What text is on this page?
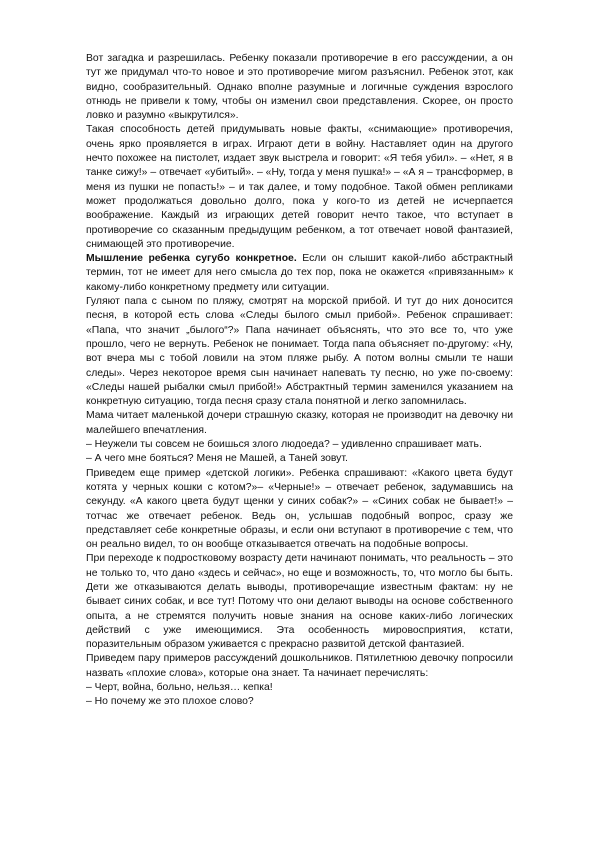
Вот загадка и разрешилась. Ребенку показали противоречие в его рассуждении, а он тут же придумал что-то новое и это противоречие мигом разъяснил. Ребенок этот, как видно, сообразительный. Однако вполне разумные и логичные суждения взрослого отнюдь не привели к тому, чтобы он изменил свои представления. Скорее, он просто ловко и разумно «выкрутился».

Такая способность детей придумывать новые факты, «снимающие» противоречия, очень ярко проявляется в играх. Играют дети в войну. Наставляет один на другого нечто похожее на пистолет, издает звук выстрела и говорит: «Я тебя убил». – «Нет, я в танке сижу!» – отвечает «убитый». – «Ну, тогда у меня пушка!» – «А я – трансформер, в меня из пушки не попасть!» – и так далее, и тому подобное. Такой обмен репликами может продолжаться довольно долго, пока у кого-то из детей не исчерпается воображение. Каждый из играющих детей говорит нечто такое, что вступает в противоречие со сказанным предыдущим ребенком, а тот отвечает новой фантазией, снимающей это противоречие.

Мышление ребенка сугубо конкретное. Если он слышит какой-либо абстрактный термин, тот не имеет для него смысла до тех пор, пока не окажется «привязанным» к какому-либо конкретному предмету или ситуации.

Гуляют папа с сыном по пляжу, смотрят на морской прибой. И тут до них доносится песня, в которой есть слова «Следы былого смыл прибой». Ребенок спрашивает: «Папа, что значит „былого“?» Папа начинает объяснять, что это все то, что уже прошло, чего не вернуть. Ребенок не понимает. Тогда папа объясняет по-другому: «Ну, вот вчера мы с тобой ловили на этом пляже рыбу. А потом волны смыли те наши следы». Через некоторое время сын начинает напевать ту песню, но уже по-своему: «Следы нашей рыбалки смыл прибой!» Абстрактный термин заменился указанием на конкретную ситуацию, тогда песня сразу стала понятной и легко запомнилась.

Мама читает маленькой дочери страшную сказку, которая не производит на девочку ни малейшего впечатления.

– Неужели ты совсем не боишься злого людоеда? – удивленно спрашивает мать.

– А чего мне бояться? Меня не Машей, а Таней зовут.

Приведем еще пример «детской логики». Ребенка спрашивают: «Какого цвета будут котята у черных кошки с котом?»– «Черные!» – отвечает ребенок, задумавшись на секунду. «А какого цвета будут щенки у синих собак?» – «Синих собак не бывает!» – тотчас же отвечает ребенок. Ведь он, услышав подобный вопрос, сразу же представляет себе конкретные образы, и если они вступают в противоречие с тем, что он реально видел, то он вообще отказывается отвечать на подобные вопросы.

При переходе к подростковому возрасту дети начинают понимать, что реальность – это не только то, что дано «здесь и сейчас», но еще и возможность, то, что могло бы быть. Дети же отказываются делать выводы, противоречащие известным фактам: ну не бывает синих собак, и все тут! Потому что они делают выводы на основе собственного опыта, а не стремятся получить новые знания на основе каких-либо логических действий с уже имеющимися. Эта особенность мировосприятия, кстати, поразительным образом уживается с прекрасно развитой детской фантазией.

Приведем пару примеров рассуждений дошкольников. Пятилетнюю девочку попросили назвать «плохие слова», которые она знает. Та начинает перечислять:

– Черт, война, больно, нельзя… кепка!

– Но почему же это плохое слово?
